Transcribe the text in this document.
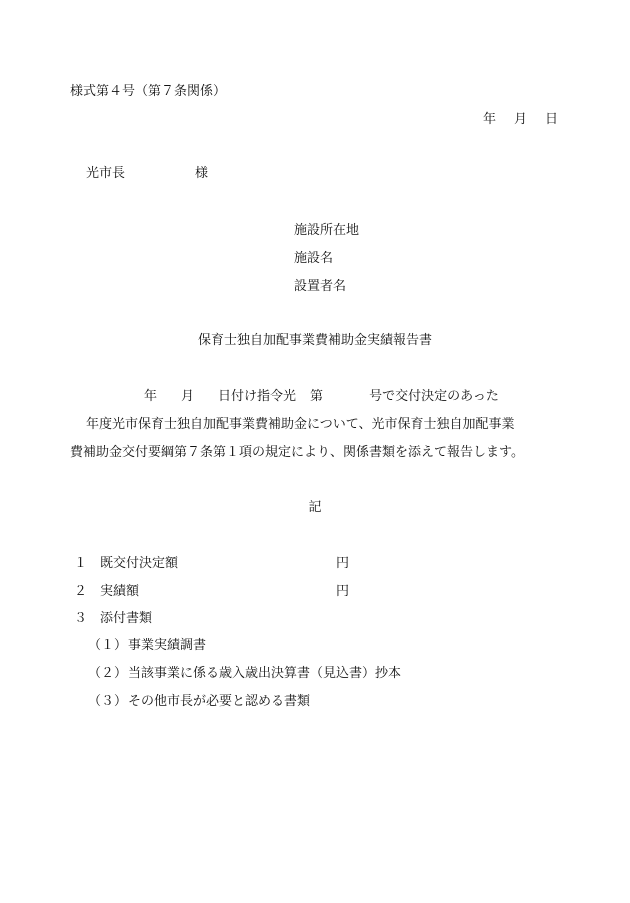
様式第４号（第７条関係）
年 月 日
光市長	様
施設所在地
施設名
設置者名
保育士独自加配事業費補助金実績報告書
年 月 日付け指令光 第	号で交付決定のあった
年度光市保育士独自加配事業費補助金について、光市保育士独自加配事業
費補助金交付要綱第７条第１項の規定により、関係書類を添えて報告します。
記
１ 既交付決定額	円
２ 実績額	円
３ 添付書類
（１）事業実績調書
（２）当該事業に係る歳入歳出決算書（見込書）抄本
（３）その他市長が必要と認める書類
